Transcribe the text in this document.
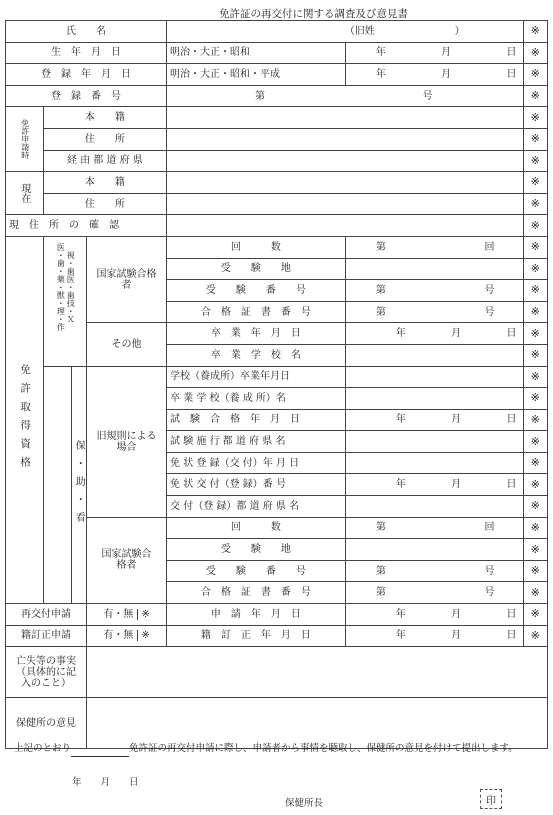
免許証の再交付に関する調査及び意見書
氏　　名				（旧姓　　　　　　　　）		※
生　年　月　日				明治・大正・昭和	年 月 日	※
登　録　年　月　日				明治・大正・昭和・平成	年 月 日	※
登　録　番　号				第 号		※

免許申請時	本　　籍					※
	住　　所					※
	経 由 都 道 府 県					※

現在	本　　籍					※
	住　　所					※
現　住　所　の　確　認						※

免許取得資格	医・歯・薬・獣・理・作 視・歯医・歯技・Ｘ		国家試験合格者	回　　　数	第 回	※
				受　　験　　地		※
				受　　験　　番　　号	第 号	※
				合　格　証　書　番　号	第 号	※
			その他	卒　業　年　月　日	年 月 日	※
				卒　業　学　校　名		※

		保・助・看	旧規則による場合	学校（養成所）卒業年月日		※
				卒 業 学 校（養 成 所）名		※
				試　験　合　格　年　月　日	年 月 日	※
				試 験 施 行 都 道 府 県 名		※
				免 状 登 録（交 付）年 月 日		※
				免 状 交 付（登 録）番 号	年 月 日	※
				交 付（登 録）都 道 府 県 名		※
			国家試験合格者	回　　　数	第 回	※
				受　　験　　地		※
				受　　験　　番　　号	第 号	※
				合　格　証　書　番　号	第 号	※
再交付申請			有・無 ※	申　請　年　月　日	年 月 日	※
籍訂正申請			有・無 ※	籍　訂　正　年　月　日	年 月 日	※
亡失等の事実（具体的に記入のこと）						
保健所の意見						
上記のとおり	免許証の再交付申請に際し、申請者から事情を聴取し、保健所の意見を付けて提出します。
年　　月　　日
保健所長	印
